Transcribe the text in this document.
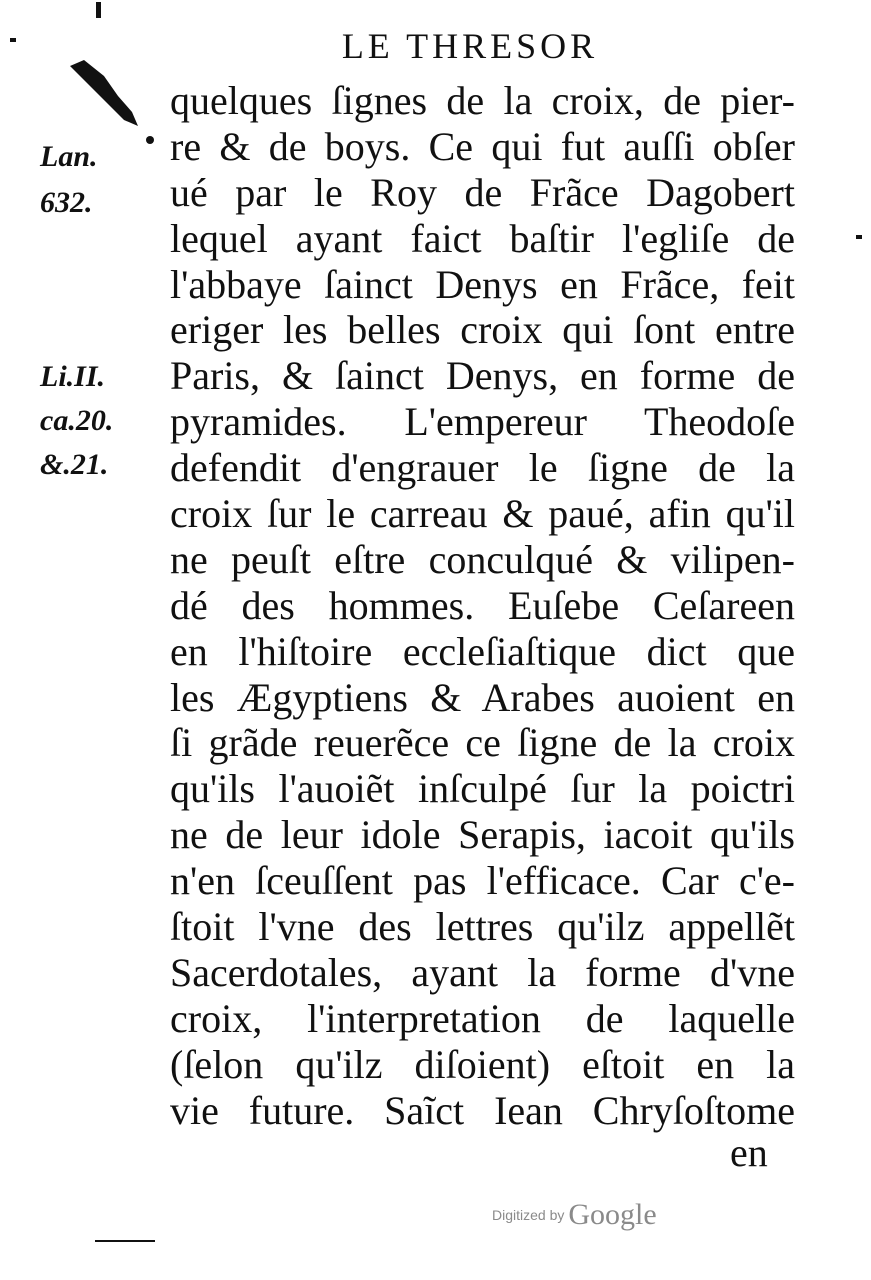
LE THRESOR
Lan.
632.
Li.II.
ca.20.
&.21.
quelques ſignes de la croix, de pier-
re & de boys. Ce qui fut auſſi obſer
ué par le Roy de Frãce Dagobert
lequel ayant faict baſtir l'egliſe de
l'abbaye ſainct Denys en Frãce, feit
eriger les belles croix qui ſont entre
Paris, & ſainct Denys, en forme de
pyramides. L'empereur Theodoſe
defendit d'engrauer le ſigne de la
croix ſur le carreau & paué, afin qu'il
ne peuſt eſtre conculqué & vilipen-
dé des hommes. Euſebe Ceſareen
en l'hiſtoire eccleſiaſtique dict que
les Ægyptiens & Arabes auoient en
ſi grãde reuerẽce ce ſigne de la croix
qu'ils l'auoiẽt inſculpé ſur la poictri
ne de leur idole Serapis, iacoit qu'ils
n'en ſceuſſent pas l'efficace. Car c'e-
ſtoit l'vne des lettres qu'ilz appellẽt
Sacerdotales, ayant la forme d'vne
croix, l'interpretation de laquelle
(ſelon qu'ilz diſoient) eſtoit en la
vie future. Saĩct Iean Chryſoſtome
en
Digitized by Google
